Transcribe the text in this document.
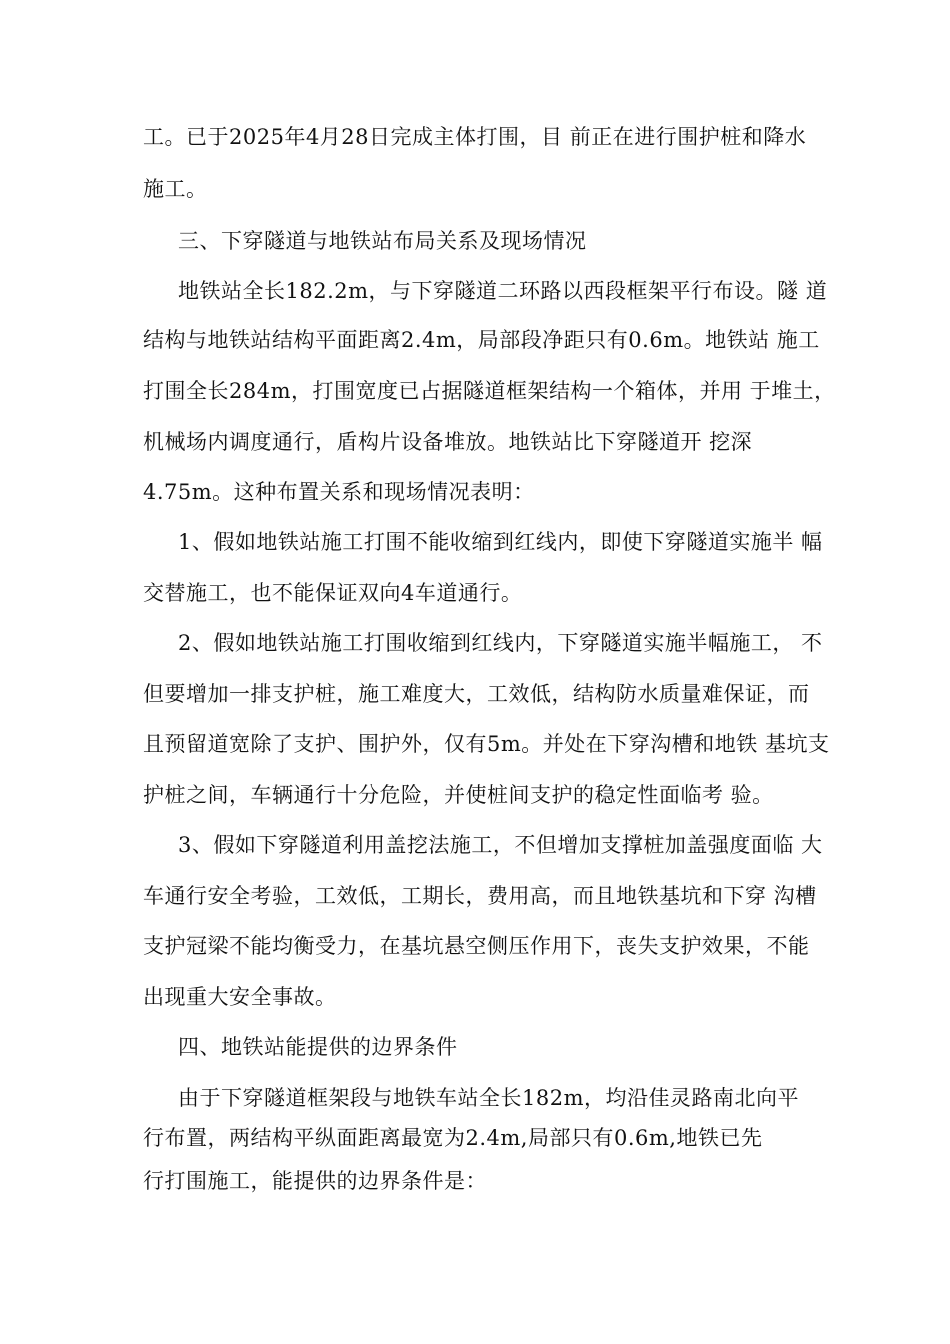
工。已于2025年4月28日完成主体打围，目 前正在进行围护桩和降水
施工。
三、下穿隧道与地铁站布局关系及现场情况
地铁站全长182.2m，与下穿隧道二环路以西段框架平行布设。隧 道
结构与地铁站结构平面距离2.4m，局部段净距只有0.6m。地铁站 施工
打围全长284m，打围宽度已占据隧道框架结构一个箱体，并用 于堆土，
机械场内调度通行，盾构片设备堆放。地铁站比下穿隧道开 挖深
4.75m。这种布置关系和现场情况表明：
1、假如地铁站施工打围不能收缩到红线内，即使下穿隧道实施半 幅
交替施工，也不能保证双向4车道通行。
2、假如地铁站施工打围收缩到红线内，下穿隧道实施半幅施工， 不
但要增加一排支护桩，施工难度大，工效低，结构防水质量难保证，而
且预留道宽除了支护、围护外，仅有5m。并处在下穿沟槽和地铁 基坑支
护桩之间，车辆通行十分危险，并使桩间支护的稳定性面临考 验。
3、假如下穿隧道利用盖挖法施工，不但增加支撑桩加盖强度面临 大
车通行安全考验，工效低，工期长，费用高，而且地铁基坑和下穿 沟槽
支护冠梁不能均衡受力，在基坑悬空侧压作用下，丧失支护效果，不能
出现重大安全事故。
四、地铁站能提供的边界条件
由于下穿隧道框架段与地铁车站全长182m，均沿佳灵路南北向平
行布置，两结构平纵面距离最宽为2.4m,局部只有0.6m,地铁已先
行打围施工，能提供的边界条件是：
